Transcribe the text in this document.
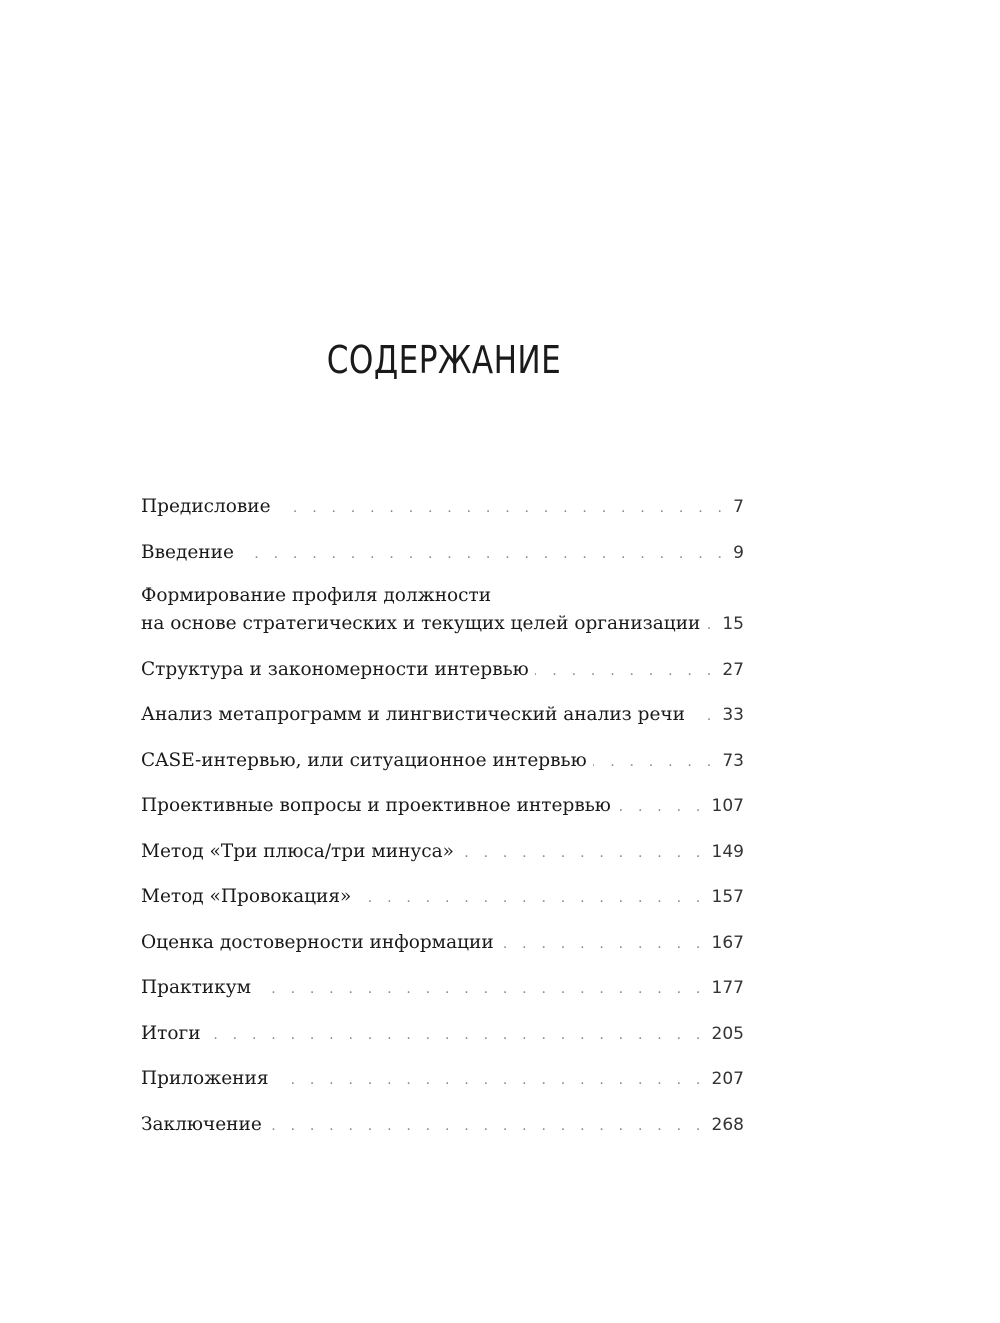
СОДЕРЖАНИЕ
Предисловие . . .	7
Введение . . .	9
Формирование профиля должности
на основе стратегических и текущих целей организации . . . 15
Структура и закономерности интервью . . .	27
Анализ метапрограмм и лингвистический анализ речи . . . 33
CASE-интервью, или ситуационное интервью . . .	73
Проективные вопросы и проективное интервью . . .	107
Метод «Три плюса/три минуса» . . .	149
Метод «Провокация» . . .	157
Оценка достоверности информации . . .	167
Практикум . . .	177
Итоги . . .	205
Приложения . . .	207
Заключение . . .	268
